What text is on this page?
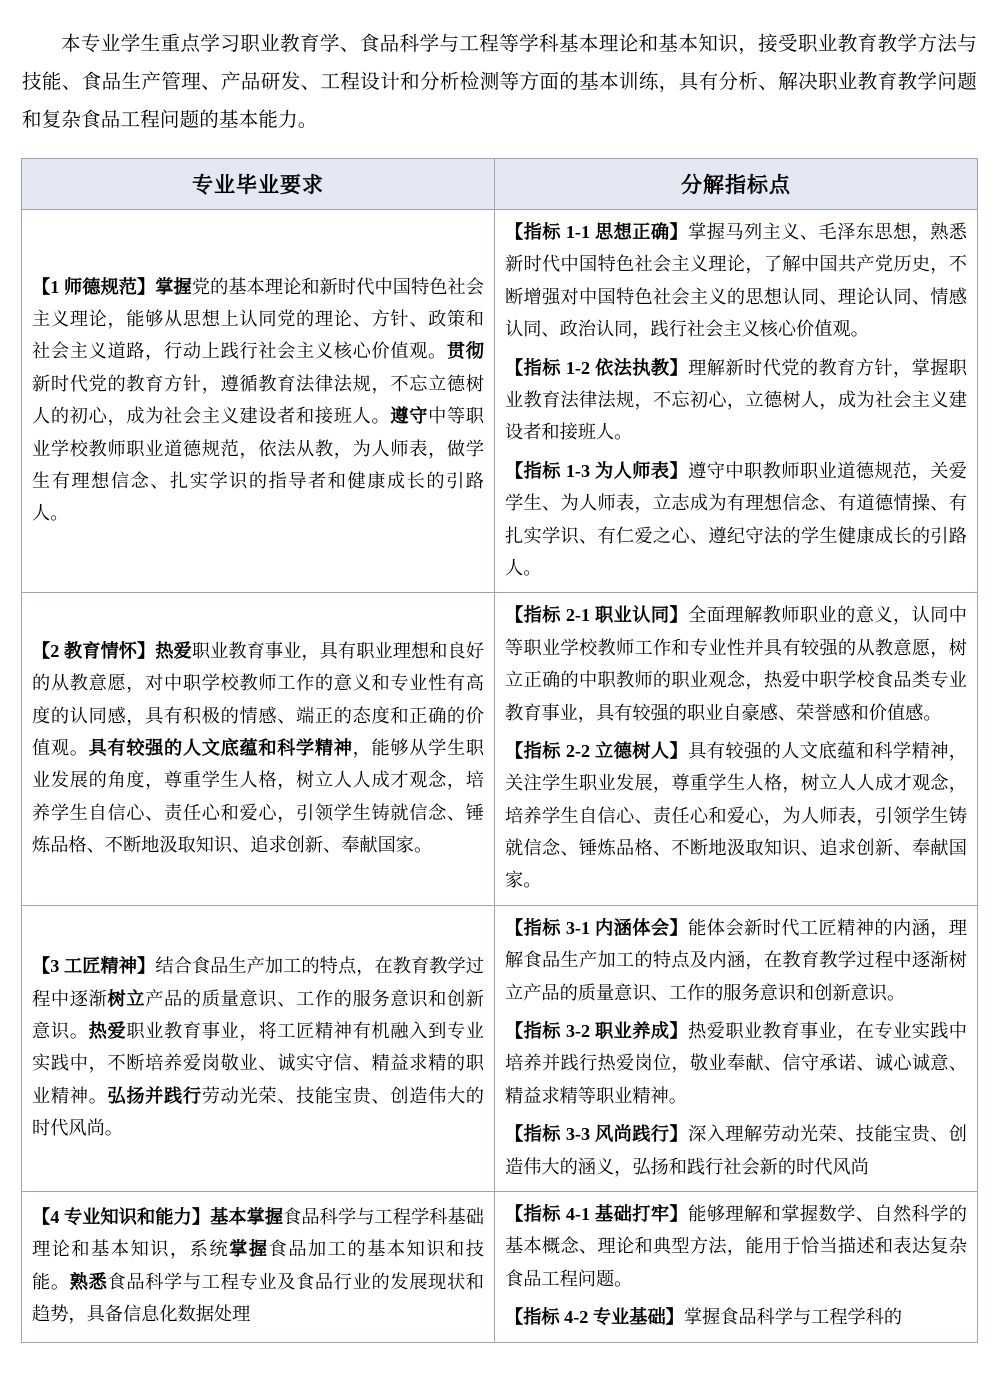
本专业学生重点学习职业教育学、食品科学与工程等学科基本理论和基本知识，接受职业教育教学方法与技能、食品生产管理、产品研发、工程设计和分析检测等方面的基本训练，具有分析、解决职业教育教学问题和复杂食品工程问题的基本能力。

专业毕业要求	分解指标点
【1 师德规范】掌握党的基本理论和新时代中国特色社会主义理论，能够从思想上认同党的理论、方针、政策和社会主义道路，行动上践行社会主义核心价值观。贯彻新时代党的教育方针，遵循教育法律法规，不忘立德树人的初心，成为社会主义建设者和接班人。遵守中等职业学校教师职业道德规范，依法从教，为人师表，做学生有理想信念、扎实学识的指导者和健康成长的引路人。	【指标 1-1 思想正确】掌握马列主义、毛泽东思想，熟悉新时代中国特色社会主义理论，了解中国共产党历史，不断增强对中国特色社会主义的思想认同、理论认同、情感认同、政治认同，践行社会主义核心价值观。

【指标 1-2 依法执教】理解新时代党的教育方针，掌握职业教育法律法规，不忘初心，立德树人，成为社会主义建设者和接班人。

【指标 1-3 为人师表】遵守中职教师职业道德规范，关爱学生、为人师表，立志成为有理想信念、有道德情操、有扎实学识、有仁爱之心、遵纪守法的学生健康成长的引路人。

【2 教育情怀】热爱职业教育事业，具有职业理想和良好的从教意愿，对中职学校教师工作的意义和专业性有高度的认同感，具有积极的情感、端正的态度和正确的价值观。具有较强的人文底蕴和科学精神，能够从学生职业发展的角度，尊重学生人格，树立人人成才观念，培养学生自信心、责任心和爱心，引领学生铸就信念、锤炼品格、不断地汲取知识、追求创新、奉献国家。	【指标 2-1 职业认同】全面理解教师职业的意义，认同中等职业学校教师工作和专业性并具有较强的从教意愿，树立正确的中职教师的职业观念，热爱中职学校食品类专业教育事业，具有较强的职业自豪感、荣誉感和价值感。

【指标 2-2 立德树人】具有较强的人文底蕴和科学精神，关注学生职业发展，尊重学生人格，树立人人成才观念，培养学生自信心、责任心和爱心，为人师表，引领学生铸就信念、锤炼品格、不断地汲取知识、追求创新、奉献国家。

【3 工匠精神】结合食品生产加工的特点，在教育教学过程中逐渐树立产品的质量意识、工作的服务意识和创新意识。热爱职业教育事业，将工匠精神有机融入到专业实践中，不断培养爱岗敬业、诚实守信、精益求精的职业精神。弘扬并践行劳动光荣、技能宝贵、创造伟大的时代风尚。	【指标 3-1 内涵体会】能体会新时代工匠精神的内涵，理解食品生产加工的特点及内涵，在教育教学过程中逐渐树立产品的质量意识、工作的服务意识和创新意识。

【指标 3-2 职业养成】热爱职业教育事业，在专业实践中培养并践行热爱岗位，敬业奉献、信守承诺、诚心诚意、精益求精等职业精神。

【指标 3-3 风尚践行】深入理解劳动光荣、技能宝贵、创造伟大的涵义，弘扬和践行社会新的时代风尚

【4 专业知识和能力】基本掌握食品科学与工程学科基础理论和基本知识，系统掌握食品加工的基本知识和技能。熟悉食品科学与工程专业及食品行业的发展现状和趋势，具备信息化数据处理	【指标 4-1 基础打牢】能够理解和掌握数学、自然科学的基本概念、理论和典型方法，能用于恰当描述和表达复杂食品工程问题。

【指标 4-2 专业基础】掌握食品科学与工程学科的
